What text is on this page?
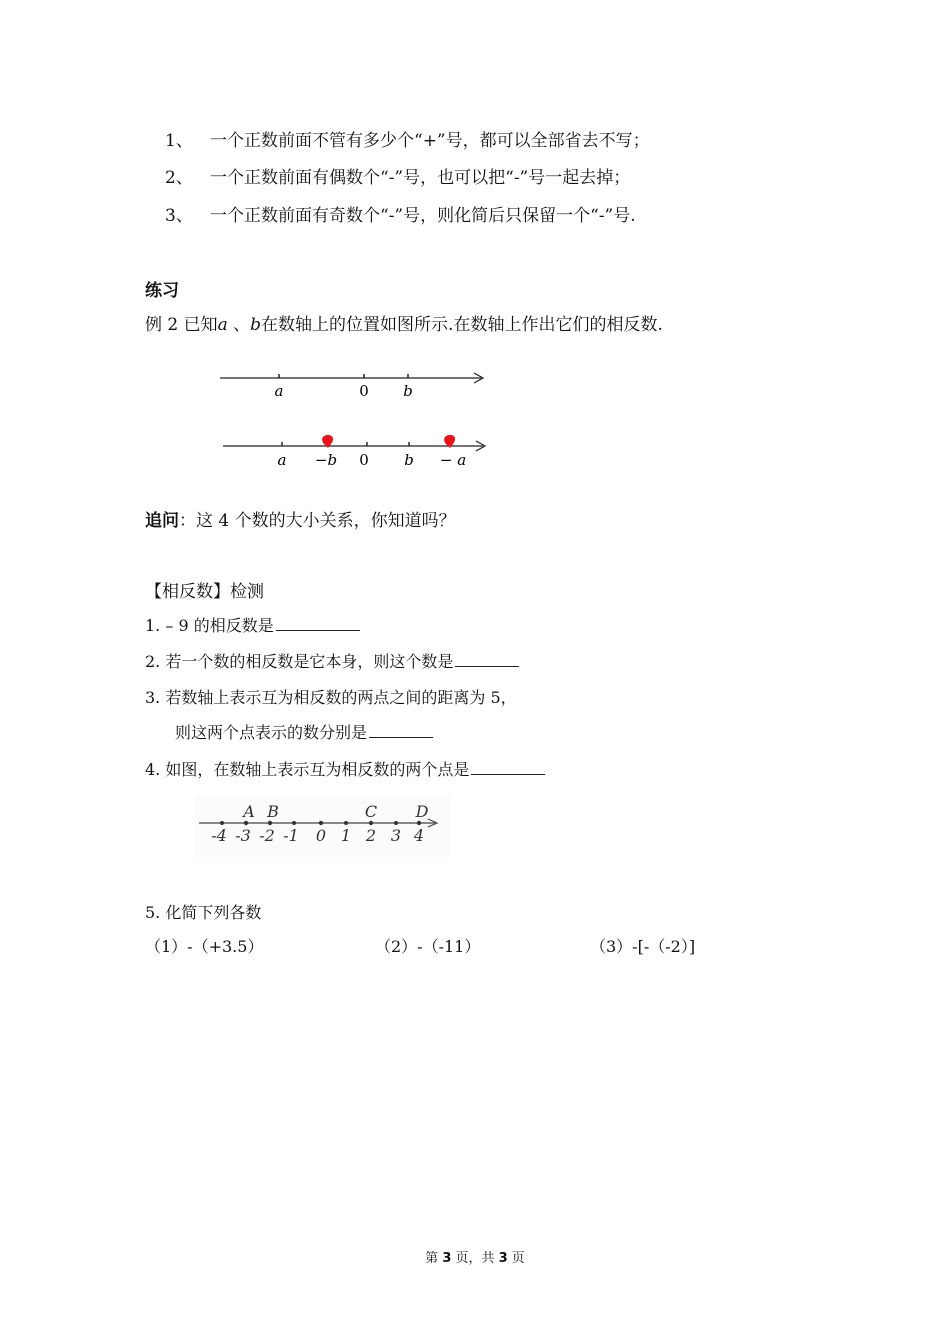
1、 一个正数前面不管有多少个“+”号，都可以全部省去不写；
2、 一个正数前面有偶数个“-”号，也可以把“-”号一起去掉；
3、 一个正数前面有奇数个“-”号，则化简后只保留一个“-”号.
练习
例 2 已知𝑎 、𝑏在数轴上的位置如图所示.在数轴上作出它们的相反数.
𝑎	0 𝑏
𝑎 −𝑏 0 𝑏 − 𝑎
追问：这 4 个数的大小关系，你知道吗？
【相反数】检测
1. – 9 的相反数是
2. 若一个数的相反数是它本身，则这个数是
3. 若数轴上表示互为相反数的两点之间的距离为 5，
则这两个点表示的数分别是
4. 如图，在数轴上表示互为相反数的两个点是
A B	C D
-4 -3 -2 -1 0 1 2 3 4
5. 化简下列各数
（1）-（+3.5）	（2）-（-11）	（3）-[-（-2）]
第 3 页，共 3 页
